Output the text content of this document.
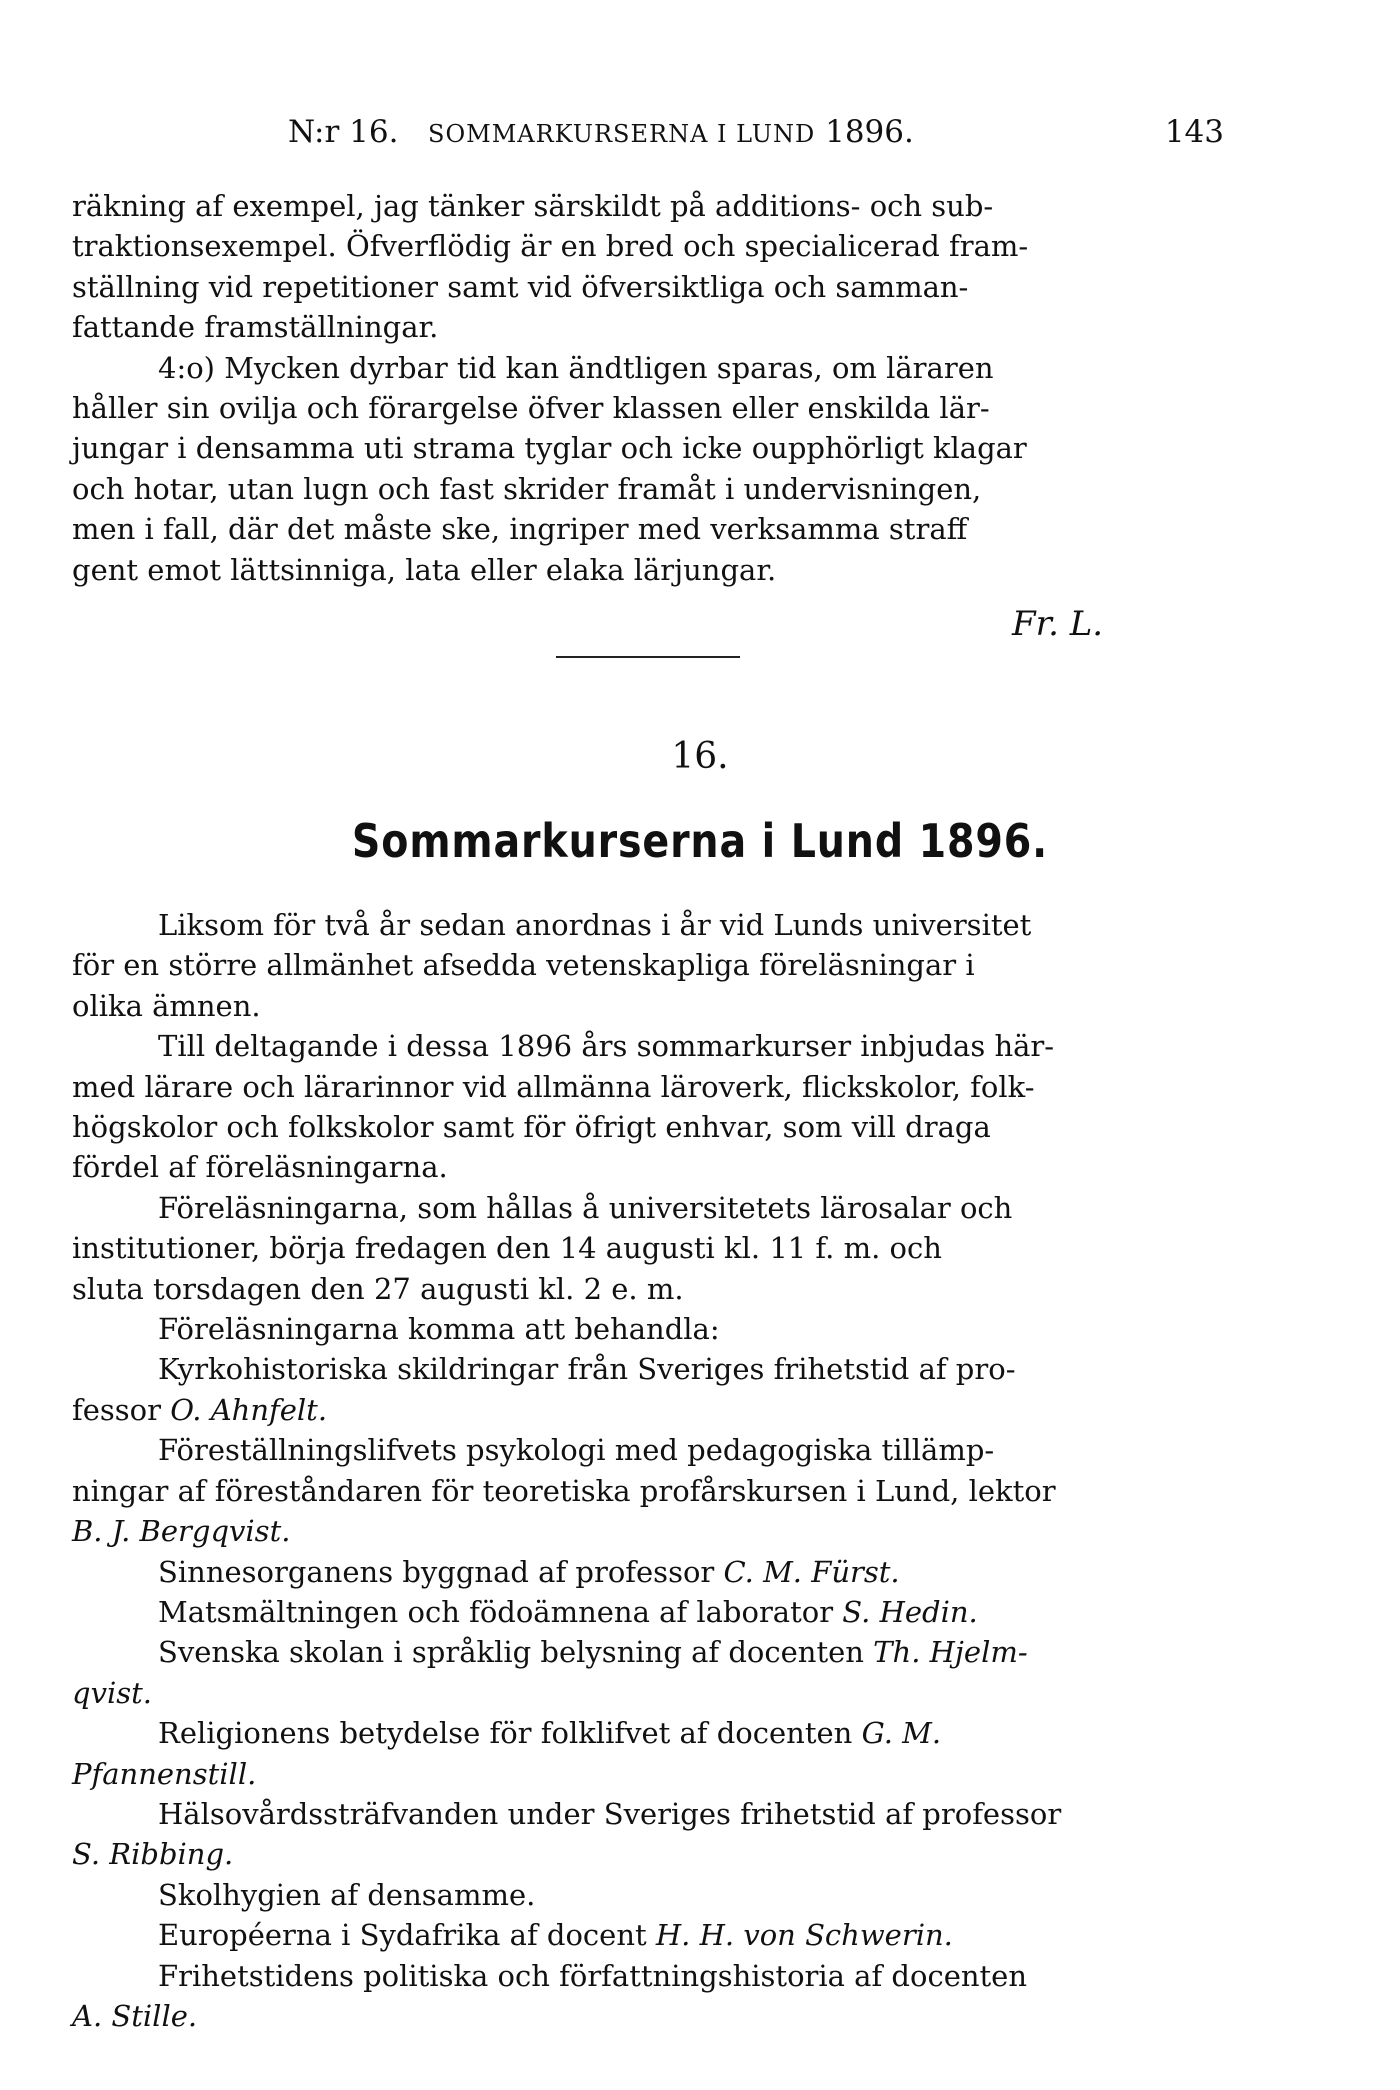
N:r 16. SOMMARKURSERNA I LUND 1896.	143

räkning af exempel, jag tänker särskildt på additions- och sub-

traktionsexempel. Öfverflödig är en bred och specialicerad fram-

ställning vid repetitioner samt vid öfversiktliga och samman-

fattande framställningar.

4:o) Mycken dyrbar tid kan ändtligen sparas, om läraren

håller sin ovilja och förargelse öfver klassen eller enskilda lär-

jungar i densamma uti strama tyglar och icke oupphörligt klagar

och hotar, utan lugn och fast skrider framåt i undervisningen,

men i fall, där det måste ske, ingriper med verksamma straff

gent emot lättsinniga, lata eller elaka lärjungar.

Fr. L.
16.
Sommarkurserna i Lund 1896.

Liksom för två år sedan anordnas i år vid Lunds universitet

för en större allmänhet afsedda vetenskapliga föreläsningar i

olika ämnen.

Till deltagande i dessa 1896 års sommarkurser inbjudas här-

med lärare och lärarinnor vid allmänna läroverk, flickskolor, folk-

högskolor och folkskolor samt för öfrigt enhvar, som vill draga

fördel af föreläsningarna.

Föreläsningarna, som hållas å universitetets lärosalar och

institutioner, börja fredagen den 14 augusti kl. 11 f. m. och

sluta torsdagen den 27 augusti kl. 2 e. m.

Föreläsningarna komma att behandla:

Kyrkohistoriska skildringar från Sveriges frihetstid af pro-

fessor O. Ahnfelt.

Föreställningslifvets psykologi med pedagogiska tillämp-

ningar af föreståndaren för teoretiska profårskursen i Lund, lektor

B. J. Bergqvist.

Sinnesorganens byggnad af professor C. M. Fürst.

Matsmältningen och födoämnena af laborator S. Hedin.

Svenska skolan i språklig belysning af docenten Th. Hjelm-

qvist.

Religionens betydelse för folklifvet af docenten G. M.

Pfannenstill.

Hälsovårdssträfvanden under Sveriges frihetstid af professor

S. Ribbing.

Skolhygien af densamme.

Européerna i Sydafrika af docent H. H. von Schwerin.

Frihetstidens politiska och författningshistoria af docenten

A. Stille.
